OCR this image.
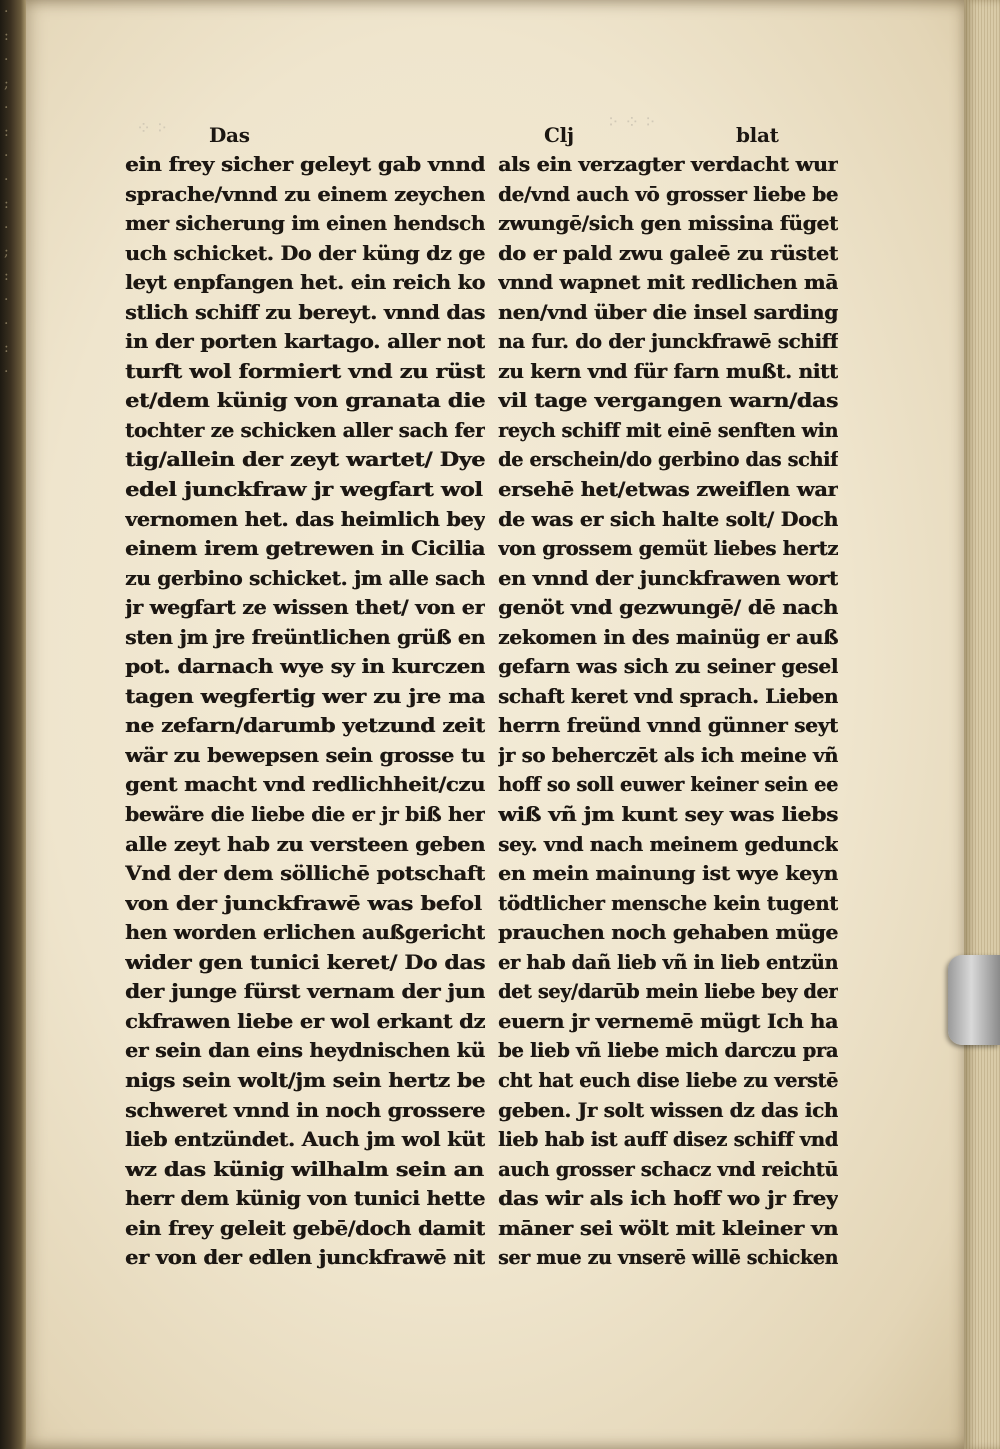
⁖ ⁘	⁖ ⁘ ⁖
Das
ein frey sicher geleyt gab vnnd
sprache/vnnd zu einem zeychen
mer sicherung im einen hendsch
uch schicket. Do der küng dz ge
leyt enpfangen het. ein reich ko
stlich schiff zu bereyt. vnnd das
in der porten kartago. aller not
turft wol formiert vnd zu rüst
et/dem künig von granata die
tochter ze schicken aller sach fer
tig/allein der zeyt wartet/ Dye
edel junckfraw jr wegfart wol
vernomen het. das heimlich bey
einem irem getrewen in Cicilia
zu gerbino schicket. jm alle sach
jr wegfart ze wissen thet/ von er
sten jm jre freüntlichen grüß en
pot. darnach wye sy in kurczen
tagen wegfertig wer zu jre ma
ne zefarn/darumb yetzund zeit
wär zu bewepsen sein grosse tu
gent macht vnd redlichheit/czu
bewäre die liebe die er jr biß her
alle zeyt hab zu versteen geben
Vnd der dem söllichē potschaft
von der junckfrawē was befol
hen worden erlichen außgericht
wider gen tunici keret/ Do das
der junge fürst vernam der jun
ckfrawen liebe er wol erkant dz
er sein dan eins heydnischen kü
nigs sein wolt/jm sein hertz be
schweret vnnd in noch grossere
lieb entzündet. Auch jm wol küt
wz das künig wilhalm sein an
herr dem künig von tunici hette
ein frey geleit gebē/doch damit
er von der edlen junckfrawē nit
Clj	blat
als ein verzagter verdacht wur
de/vnd auch vō grosser liebe be
zwungē/sich gen missina füget
do er pald zwu galeē zu rüstet
vnnd wapnet mit redlichen mā
nen/vnd über die insel sarding
na fur. do der junckfrawē schiff
zu kern vnd für farn mußt. nitt
vil tage vergangen warn/das
reych schiff mit einē senften win
de erschein/do gerbino das schif
ersehē het/etwas zweiflen war
de was er sich halte solt/ Doch
von grossem gemüt liebes hertz
en vnnd der junckfrawen wort
genöt vnd gezwungē/ dē nach
zekomen in des mainüg er auß
gefarn was sich zu seiner gesel
schaft keret vnd sprach. Lieben
herrn freünd vnnd günner seyt
jr so beherczēt als ich meine vñ
hoff so soll euwer keiner sein ee
wiß vñ jm kunt sey was liebs
sey. vnd nach meinem gedunck
en mein mainung ist wye keyn
tödtlicher mensche kein tugent
prauchen noch gehaben müge
er hab dañ lieb vñ in lieb entzün
det sey/darūb mein liebe bey der
euern jr vernemē mügt Ich ha
be lieb vñ liebe mich darczu pra
cht hat euch dise liebe zu verstē
geben. Jr solt wissen dz das ich
lieb hab ist auff disez schiff vnd
auch grosser schacz vnd reichtū
das wir als ich hoff wo jr frey
māner sei wölt mit kleiner vn
ser mue zu vnserē willē schicken
·
:
·
;
·
:
·
·
:
·
;
:
·
·
:
·
